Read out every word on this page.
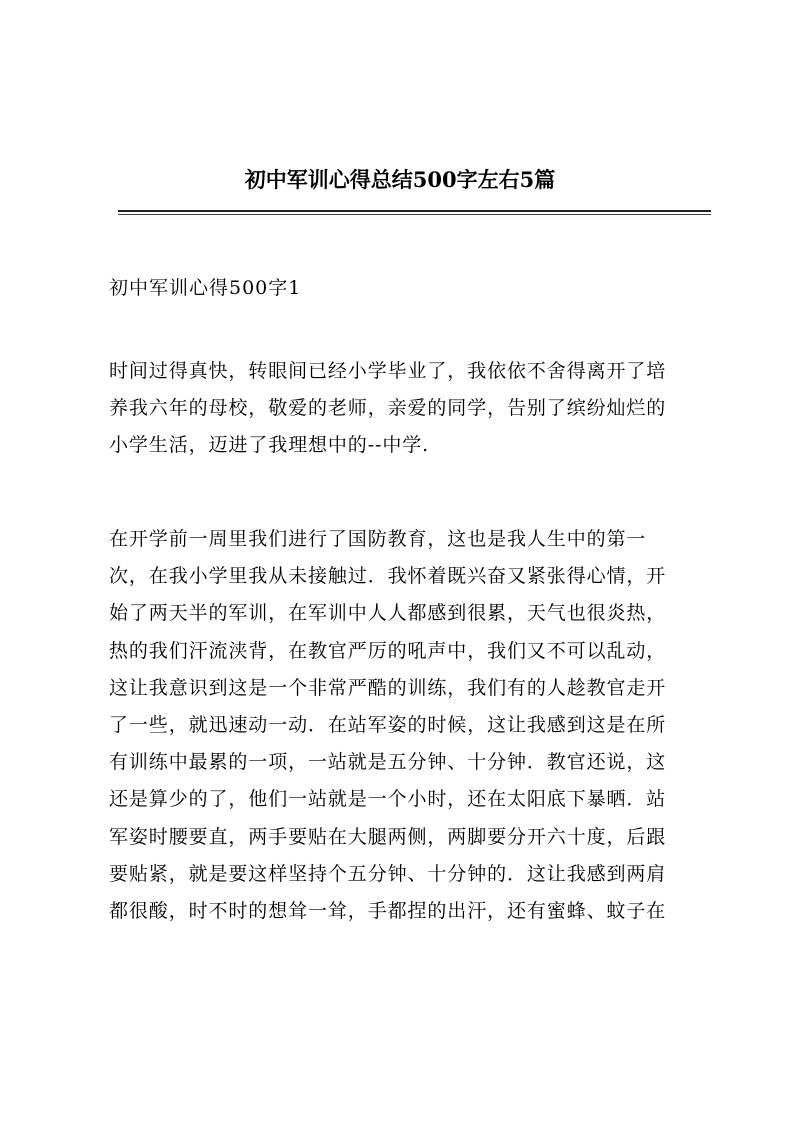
初中军训心得总结500字左右5篇
初中军训心得500字1
时间过得真快，转眼间已经小学毕业了，我依依不舍得离开了培
养我六年的母校，敬爱的老师，亲爱的同学，告别了缤纷灿烂的
小学生活，迈进了我理想中的--中学.
在开学前一周里我们进行了国防教育，这也是我人生中的第一
次，在我小学里我从未接触过．我怀着既兴奋又紧张得心情，开
始了两天半的军训，在军训中人人都感到很累，天气也很炎热，
热的我们汗流浃背，在教官严厉的吼声中，我们又不可以乱动，
这让我意识到这是一个非常严酷的训练，我们有的人趁教官走开
了一些，就迅速动一动．在站军姿的时候，这让我感到这是在所
有训练中最累的一项，一站就是五分钟、十分钟．教官还说，这
还是算少的了，他们一站就是一个小时，还在太阳底下暴晒．站
军姿时腰要直，两手要贴在大腿两侧，两脚要分开六十度，后跟
要贴紧，就是要这样坚持个五分钟、十分钟的．这让我感到两肩
都很酸，时不时的想耸一耸，手都捏的出汗，还有蜜蜂、蚊子在
